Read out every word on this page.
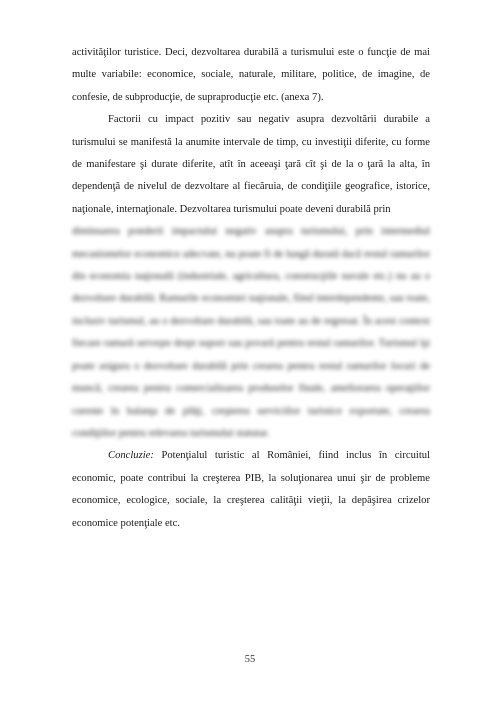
activităţilor turistice. Deci, dezvoltarea durabilă a turismului este o funcţie de mai multe variabile: economice, sociale, naturale, militare, politice, de imagine, de confesie, de subproducţie, de supraproducţie etc. (anexa 7).

Factorii cu impact pozitiv sau negativ asupra dezvoltării durabile a turismului se manifestă la anumite intervale de timp, cu investiţii diferite, cu forme de manifestare şi durate diferite, atît în aceeaşi ţară cît şi de la o ţară la alta, în dependenţă de nivelul de dezvoltare al fiecăruia, de condiţiile geografice, istorice, naţionale, internaţionale. Dezvoltarea turismului poate deveni durabilă prin

diminuarea ponderii impactului negativ asupra turismului, prin intermediul mecanismelor economice adecvate, nu poate fi de lungă durată dacă restul ramurilor din economia naţională (industriale, agricultura, construcţiile navale etc.) nu au o dezvoltare durabilă. Ramurile economiei naţionale, fiind interdependente, sau toate, inclusiv turismul, au o dezvoltare durabilă, sau toate au de regresat. În acest context fiecare ramură serveşte drept suport sau povară pentru restul ramurilor. Turismul îşi poate asigura o dezvoltare durabilă prin crearea pentru restul ramurilor locuri de muncă, crearea pentru comercializarea produselor finale, ameliorarea operaţiilor curente în balanţa de plăţi, creşterea serviciilor turistice exportate, crearea condiţiilor pentru relevarea turismului statutar.

Concluzie: Potenţialul turistic al României, fiind inclus în circuitul economic, poate contribui la creşterea PIB, la soluţionarea unui şir de probleme economice, ecologice, sociale, la creşterea calităţii vieţii, la depăşirea crizelor economice potenţiale etc.

55
